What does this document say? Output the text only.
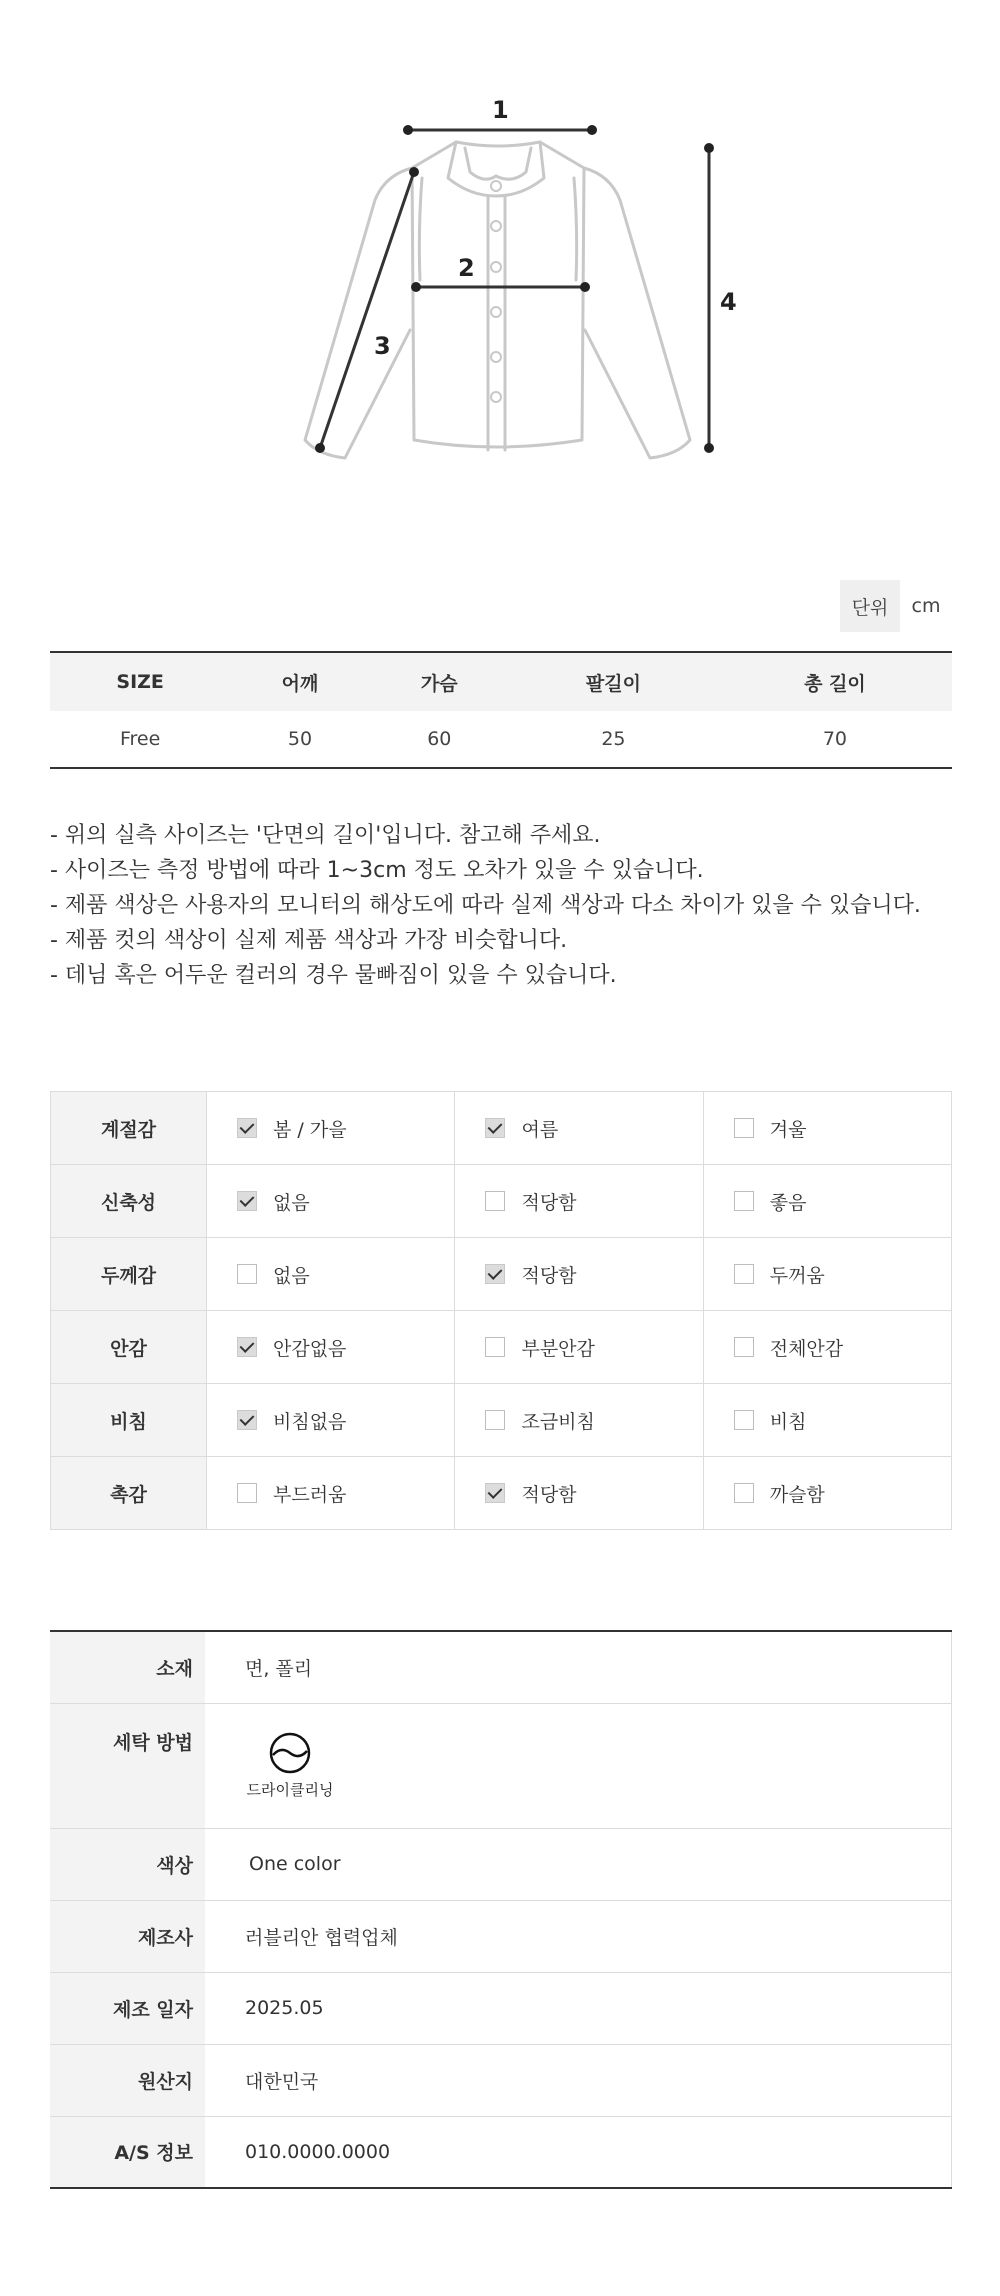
1
2
3
4
단위	cm
SIZE	어깨	가슴	팔길이	총 길이
Free	50	60	25	70
- 위의 실측 사이즈는 '단면의 길이'입니다. 참고해 주세요.
- 사이즈는 측정 방법에 따라 1~3cm 정도 오차가 있을 수 있습니다.
- 제품 색상은 사용자의 모니터의 해상도에 따라 실제 색상과 다소 차이가 있을 수 있습니다.
- 제품 컷의 색상이 실제 제품 색상과 가장 비슷합니다.
- 데님 혹은 어두운 컬러의 경우 물빠짐이 있을 수 있습니다.
계절감	봄 / 가을	여름	겨울

신축성	없음	적당함	좋음

두께감	없음	적당함	두꺼움

안감	안감없음	부분안감	전체안감

비침	비침없음	조금비침	비침

촉감	부드러움	적당함	까슬함
소재	면, 폴리
세탁 방법	드라이클리닝

색상	One color
제조사	러블리안 협력업체
제조 일자	2025.05
원산지	대한민국
A/S 정보	010.0000.0000
